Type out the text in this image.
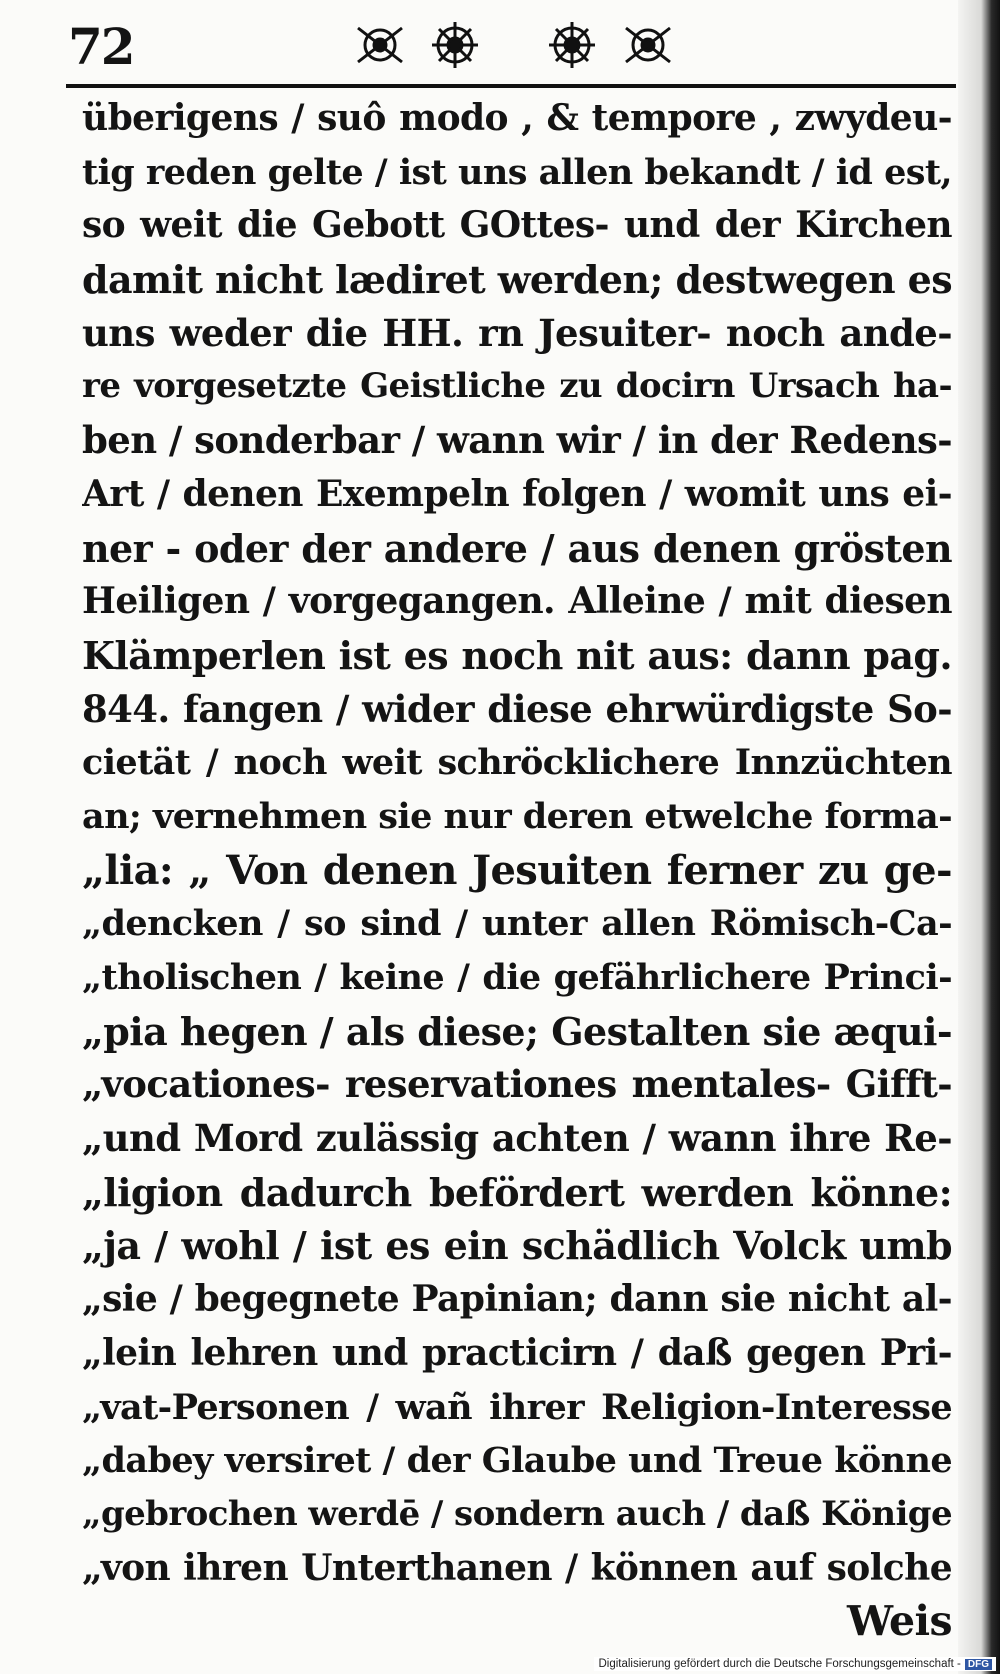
72
überigens / suô modo , & tempore , zwydeu-
tig reden gelte / ist uns allen bekandt / id est,
so weit die Gebott GOttes- und der Kirchen
damit nicht lædiret werden; destwegen es
uns weder die HH. rn Jesuiter- noch ande-
re vorgesetzte Geistliche zu docirn Ursach ha-
ben / sonderbar / wann wir / in der Redens-
Art / denen Exempeln folgen / womit uns ei-
ner - oder der andere / aus denen grösten
Heiligen / vorgegangen. Alleine / mit diesen
Klämperlen ist es noch nit aus: dann pag.
844. fangen / wider diese ehrwürdigste So-
cietät / noch weit schröcklichere Innzüchten
an; vernehmen sie nur deren etwelche forma-
„lia: „ Von denen Jesuiten ferner zu ge-
„dencken / so sind / unter allen Römisch-Ca-
„tholischen / keine / die gefährlichere Princi-
„pia hegen / als diese; Gestalten sie æqui-
„vocationes- reservationes mentales- Gifft-
„und Mord zulässig achten / wann ihre Re-
„ligion dadurch befördert werden könne:
„ja / wohl / ist es ein schädlich Volck umb
„sie / begegnete Papinian; dann sie nicht al-
„lein lehren und practicirn / daß gegen Pri-
„vat-Personen / wañ ihrer Religion-Interesse
„dabey versiret / der Glaube und Treue könne
„gebrochen werdē / sondern auch / daß Könige
„von ihren Unterthanen / können auf solche
Weis
Digitalisierung gefördert durch die Deutsche Forschungsgemeinschaft - DFG
